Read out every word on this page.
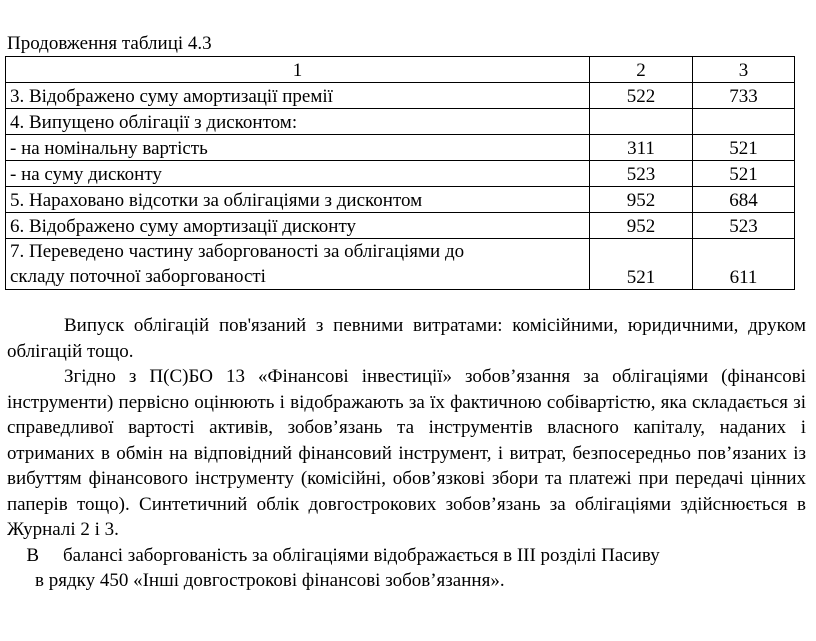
Продовження таблиці 4.3
1	2	3
3. Відображено суму амортизації премії	522	733
4. Випущено облігації з дисконтом:		
- на номінальну вартість	311	521
- на суму дисконту	523	521
5. Нараховано відсотки за облігаціями з дисконтом	952	684
6. Відображено суму амортизації дисконту	952	523
7. Переведено частину заборгованості за облігаціями до
складу поточної заборгованості	521	611

Випуск облігацій пов'язаний з певними витратами: комісійними, юридичними, друком облігацій тощо.

Згідно з П(С)БО 13 «Фінансові інвестиції» зобов’язання за облігаціями (фінансові інструменти) первісно оцінюють і відображають за їх фактичною собівартістю, яка складається зі справедливої вартості активів, зобов’язань та інструментів власного капіталу, наданих і отриманих в обмін на відповідний фінансовий інструмент, і витрат, безпосередньо пов’язаних із вибуттям фінансового інструменту (комісійні, обов’язкові збори та платежі при передачі цінних паперів тощо). Синтетичний облік довгострокових зобов’язань за облігаціями здійснюється в Журналі 2 і 3.

В балансі заборгованість за облігаціями відображається в ІІІ розділі Пасиву

в рядку 450 «Інші довгострокові фінансові зобов’язання».
